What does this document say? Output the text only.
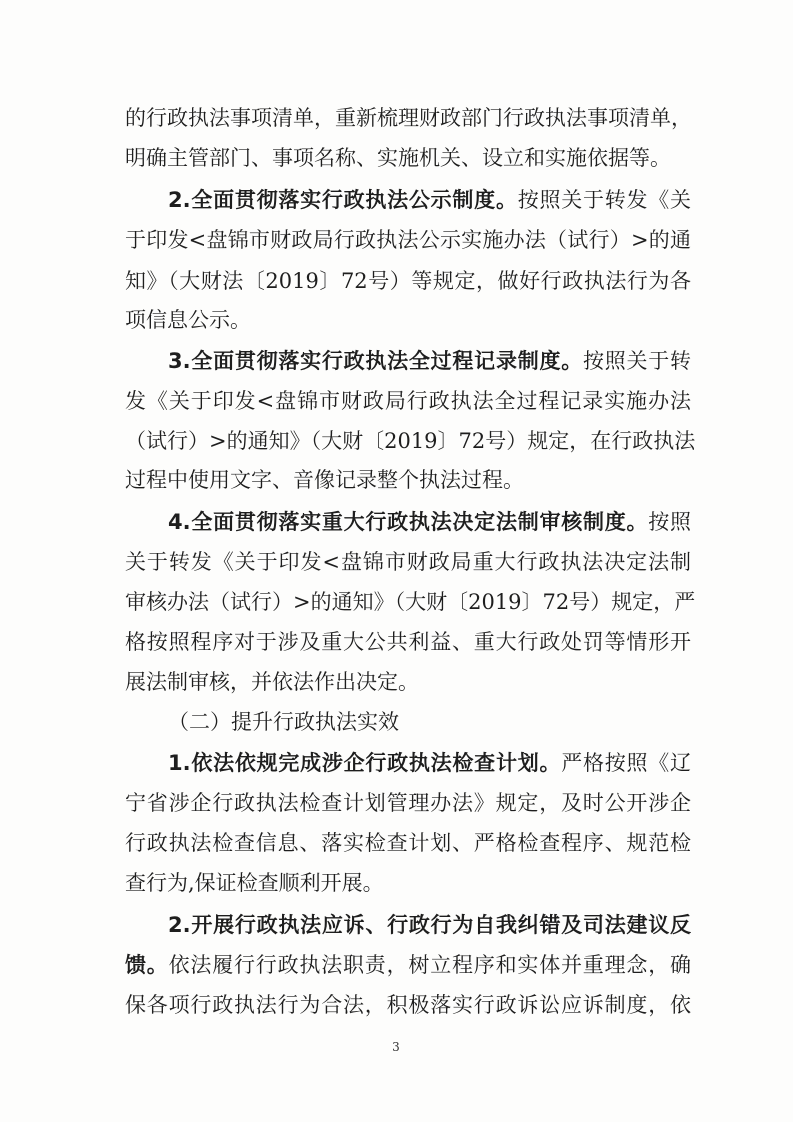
的行政执法事项清单，重新梳理财政部门行政执法事项清单，
明确主管部门、事项名称、实施机关、设立和实施依据等。
2.全面贯彻落实行政执法公示制度。按照关于转发《关
于印发<盘锦市财政局行政执法公示实施办法（试行）>的通
知》（大财法〔2019〕72号）等规定，做好行政执法行为各
项信息公示。
3.全面贯彻落实行政执法全过程记录制度。按照关于转
发《关于印发<盘锦市财政局行政执法全过程记录实施办法
（试行）>的通知》（大财〔2019〕72号）规定，在行政执法
过程中使用文字、音像记录整个执法过程。
4.全面贯彻落实重大行政执法决定法制审核制度。按照
关于转发《关于印发<盘锦市财政局重大行政执法决定法制
审核办法（试行）>的通知》（大财〔2019〕72号）规定，严
格按照程序对于涉及重大公共利益、重大行政处罚等情形开
展法制审核，并依法作出决定。
（二）提升行政执法实效
1.依法依规完成涉企行政执法检查计划。严格按照《辽
宁省涉企行政执法检查计划管理办法》规定，及时公开涉企
行政执法检查信息、落实检查计划、严格检查程序、规范检
查行为,保证检查顺利开展。
2.开展行政执法应诉、行政行为自我纠错及司法建议反
馈。依法履行行政执法职责，树立程序和实体并重理念，确
保各项行政执法行为合法，积极落实行政诉讼应诉制度，依
3
